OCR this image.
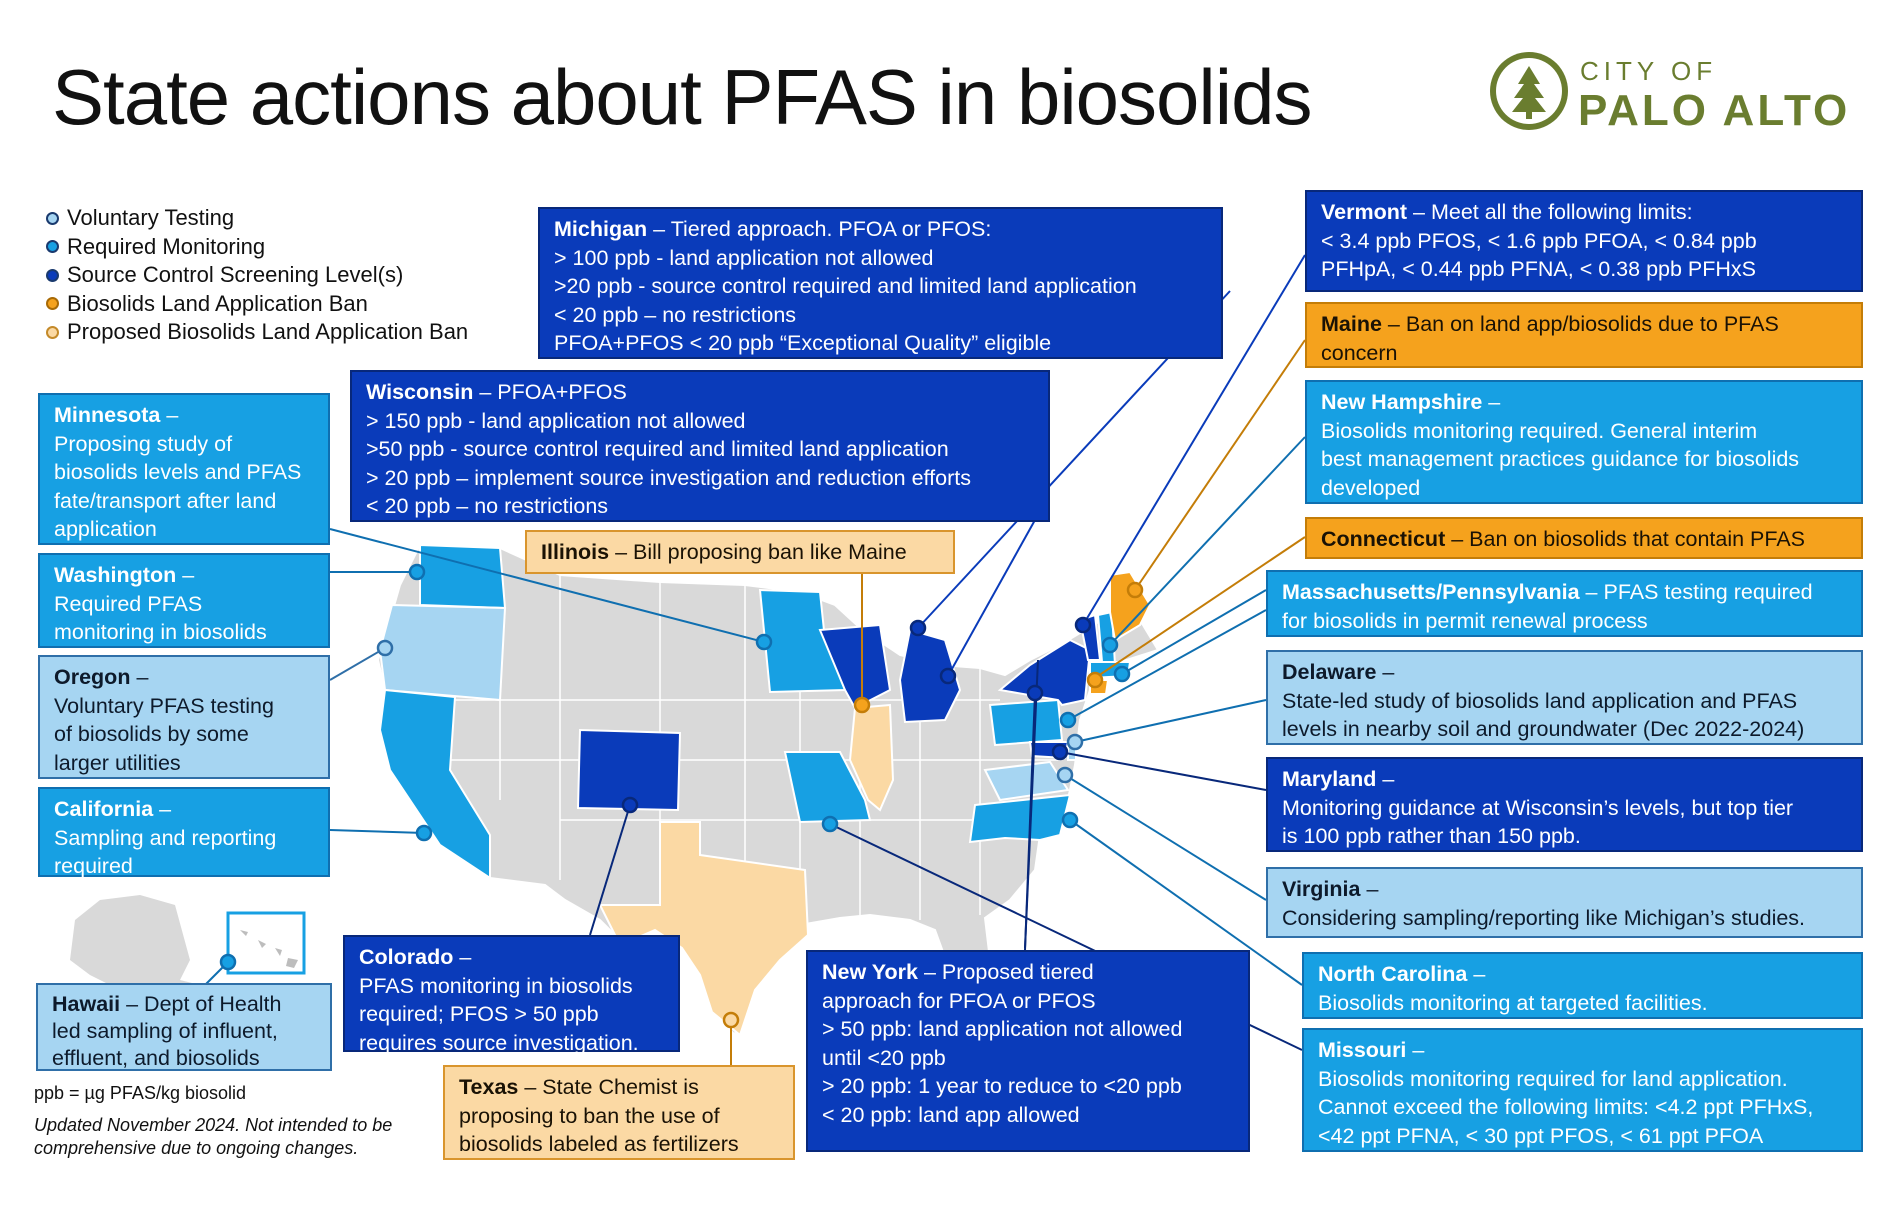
State actions about PFAS in biosolids	CITY OF
PALO ALTO
Voluntary Testing
Required Monitoring
Source Control Screening Level(s)
Biosolids Land Application Ban
Proposed Biosolids Land Application Ban
Michigan – Tiered approach. PFOA or PFOS:
> 100 ppb - land application not allowed
>20 ppb - source control required and limited land application
< 20 ppb – no restrictions
PFOA+PFOS < 20 ppb “Exceptional Quality” eligible
Wisconsin – PFOA+PFOS
> 150 ppb - land application not allowed
>50 ppb - source control required and limited land application
> 20 ppb – implement source investigation and reduction efforts
< 20 ppb – no restrictions
Illinois – Bill proposing ban like Maine
Minnesota –
Proposing study of
biosolids levels and PFAS
fate/transport after land
application
Washington –
Required PFAS
monitoring in biosolids
Oregon –
Voluntary PFAS testing
of biosolids by some
larger utilities
California –
Sampling and reporting
required
Hawaii – Dept of Health
led sampling of influent,
effluent, and biosolids
Colorado –
PFAS monitoring in biosolids
required; PFOS > 50 ppb
requires source investigation.
Texas – State Chemist is
proposing to ban the use of
biosolids labeled as fertilizers
New York – Proposed tiered
approach for PFOA or PFOS
> 50 ppb: land application not allowed
until <20 ppb
> 20 ppb: 1 year to reduce to <20 ppb
< 20 ppb: land app allowed
Vermont – Meet all the following limits:
< 3.4 ppb PFOS, < 1.6 ppb PFOA, < 0.84 ppb
PFHpA, < 0.44 ppb PFNA, < 0.38 ppb PFHxS
Maine – Ban on land app/biosolids due to PFAS
concern
New Hampshire –
Biosolids monitoring required. General interim
best management practices guidance for biosolids
developed
Connecticut – Ban on biosolids that contain PFAS
Massachusetts/Pennsylvania – PFAS testing required
for biosolids in permit renewal process
Delaware –
State-led study of biosolids land application and PFAS
levels in nearby soil and groundwater (Dec 2022-2024)
Maryland –
Monitoring guidance at Wisconsin’s levels, but top tier
is 100 ppb rather than 150 ppb.
Virginia –
Considering sampling/reporting like Michigan’s studies.
North Carolina –
Biosolids monitoring at targeted facilities.
Missouri –
Biosolids monitoring required for land application.
Cannot exceed the following limits: <4.2 ppt PFHxS,
<42 ppt PFNA, < 30 ppt PFOS, < 61 ppt PFOA
ppb = µg PFAS/kg biosolid
Updated November 2024. Not intended to be comprehensive due to ongoing changes.
